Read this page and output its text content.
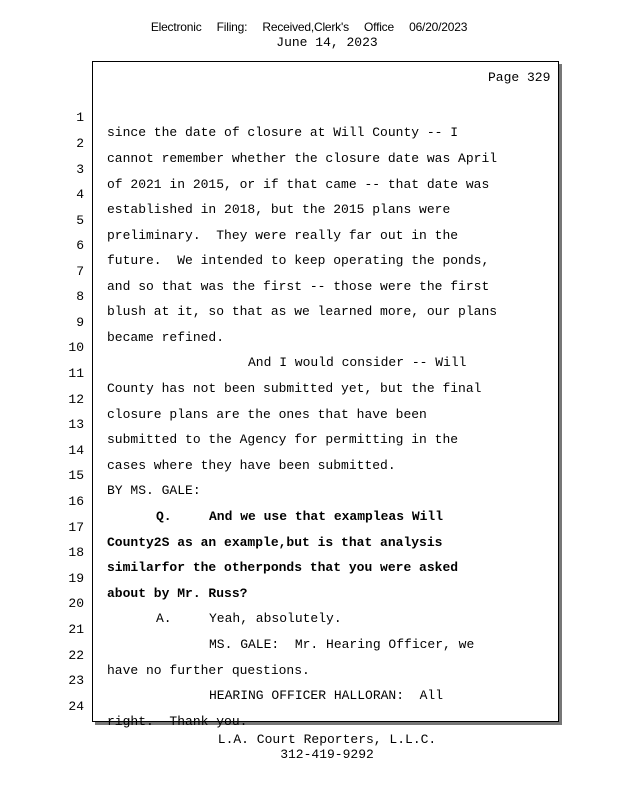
Electronic Filing: Received,Clerk's Office 06/20/2023
June 14, 2023
Page 329

1

since the date of closure at Will County -- I

2

cannot remember whether the closure date was April

3

of 2021 in 2015, or if that came -- that date was

4

established in 2018, but the 2015 plans were

5

preliminary.  They were really far out in the

6

future.  We intended to keep operating the ponds,

7

and so that was the first -- those were the first

8

blush at it, so that as we learned more, our plans

9

became refined.

10

And I would consider -- Will

11

County has not been submitted yet, but the final

12

closure plans are the ones that have been

13

submitted to the Agency for permitting in the

14

cases where they have been submitted.

15

BY MS. GALE:

16

Q.	And we use that exampleas Will

17

County2S as an example,but is that analysis

18

similarfor the otherponds that you were asked

19

about by Mr. Russ?

20

A.	Yeah, absolutely.

21

MS. GALE:  Mr. Hearing Officer, we

22

have no further questions.

23

HEARING OFFICER HALLORAN:  All

24

right.  Thank you.

L.A. Court Reporters, L.L.C.
312-419-9292
